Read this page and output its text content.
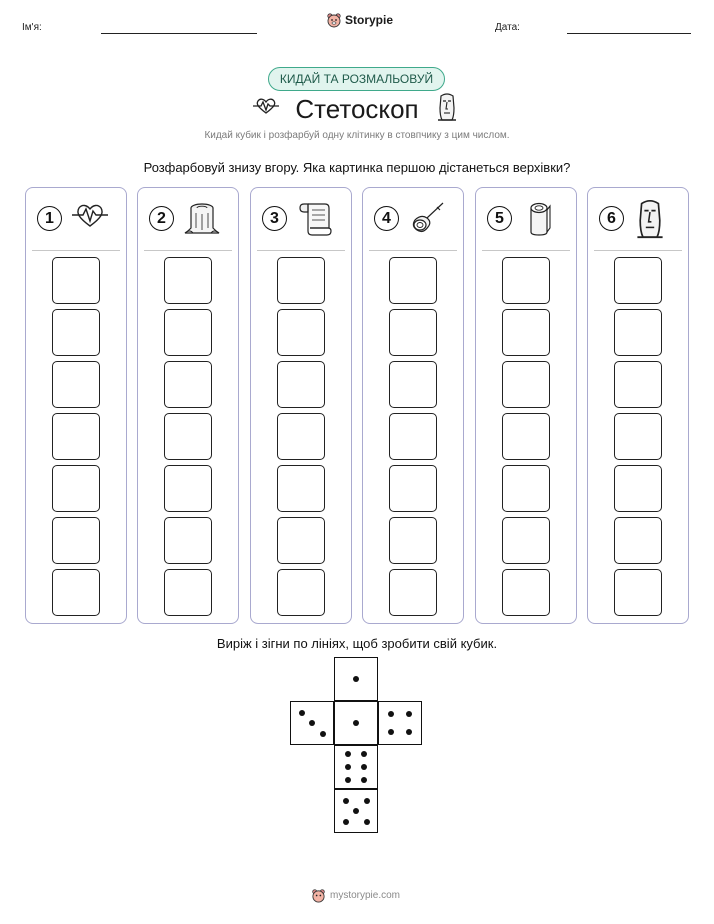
Ім'я:
Storypie
Дата:
КИДАЙ ТА РОЗМАЛЬОВУЙ
Стетоскоп
Кидай кубик і розфарбуй одну клітинку в стовпчику з цим числом.
Розфарбовуй знизу вгору. Яка картинка першою дістанеться верхівки?
1	2	3	4	5	6
Виріж і зігни по лініях, щоб зробити свій кубик.
mystorypie.com
